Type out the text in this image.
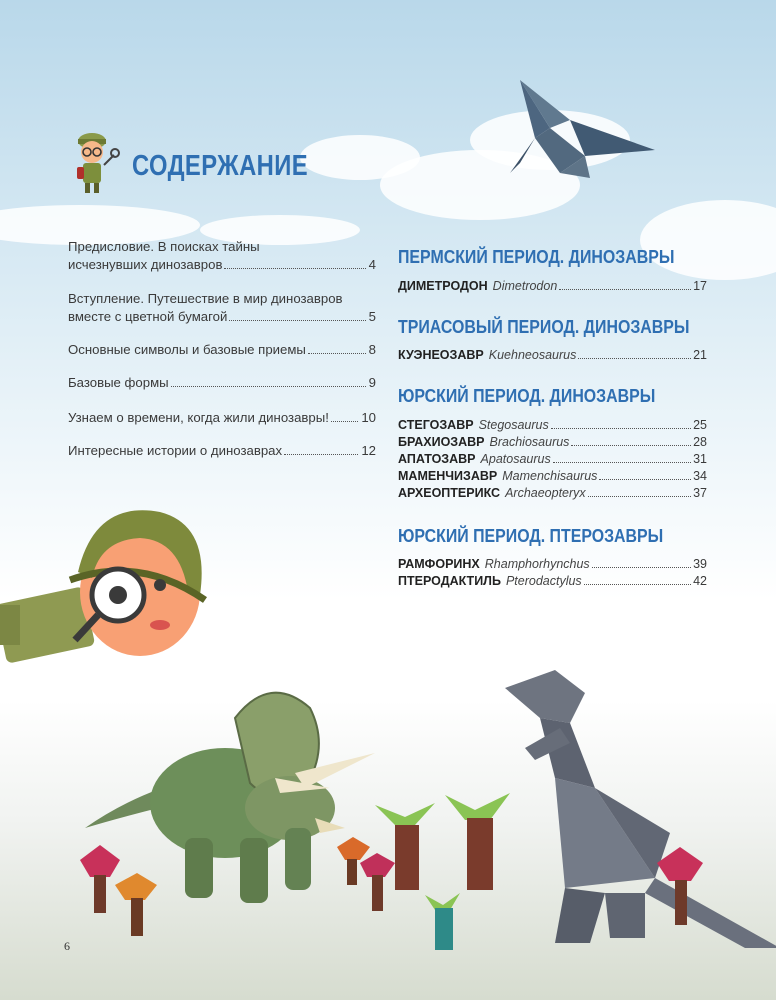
СОДЕРЖАНИЕ
Предисловие. В поисках тайны
исчезнувших динозавров	4
Вступление. Путешествие в мир динозавров
вместе с цветной бумагой	5
Основные символы и базовые приемы	8
Базовые формы	9
Узнаем о времени, когда жили динозавры! 10
Интересные истории о динозаврах	12
ПЕРМСКИЙ ПЕРИОД. ДИНОЗАВРЫ
ДИМЕТРОДОН Dimetrodon	17
ТРИАСОВЫЙ ПЕРИОД. ДИНОЗАВРЫ
КУЭНЕОЗАВР Kuehneosaurus	21
ЮРСКИЙ ПЕРИОД. ДИНОЗАВРЫ
СТЕГОЗАВР Stegosaurus	25
БРАХИОЗАВР Brachiosaurus	28
АПАТОЗАВР Apatosaurus	31
МАМЕНЧИЗАВР Mamenchisaurus	34
АРХЕОПТЕРИКС Archaeopteryx	37
ЮРСКИЙ ПЕРИОД. ПТЕРОЗАВРЫ
РАМФОРИНХ Rhamphorhynchus	39
ПТЕРОДАКТИЛЬ Pterodactylus	42
6
